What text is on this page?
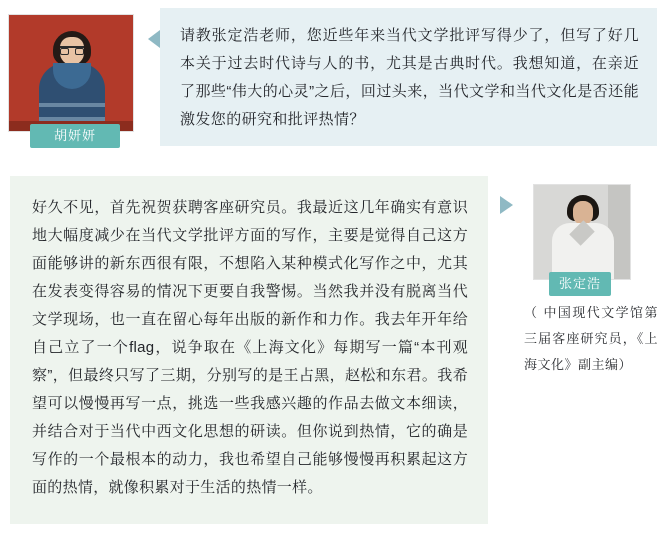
胡妍妍

请教张定浩老师，您近些年来当代文学批评写得少了，但写了好几本关于过去时代诗与人的书，尤其是古典时代。我想知道，在亲近了那些“伟大的心灵”之后，回过头来，当代文学和当代文化是否还能激发您的研究和批评热情？

好久不见，首先祝贺获聘客座研究员。我最近这几年确实有意识地大幅度减少在当代文学批评方面的写作，主要是觉得自己这方面能够讲的新东西很有限，不想陷入某种模式化写作之中，尤其在发表变得容易的情况下更要自我警惕。当然我并没有脱离当代文学现场，也一直在留心每年出版的新作和力作。我去年开年给自己立了一个flag，说争取在《上海文化》每期写一篇“本刊观察”，但最终只写了三期，分别写的是王占黑，赵松和东君。我希望可以慢慢再写一点，挑选一些我感兴趣的作品去做文本细读，并结合对于当代中西文化思想的研读。但你说到热情，它的确是写作的一个最根本的动力，我也希望自己能够慢慢再积累起这方面的热情，就像积累对于生活的热情一样。

张定浩
（ 中国现代文学馆第三届客座研究员，《上海文化》副主编）
